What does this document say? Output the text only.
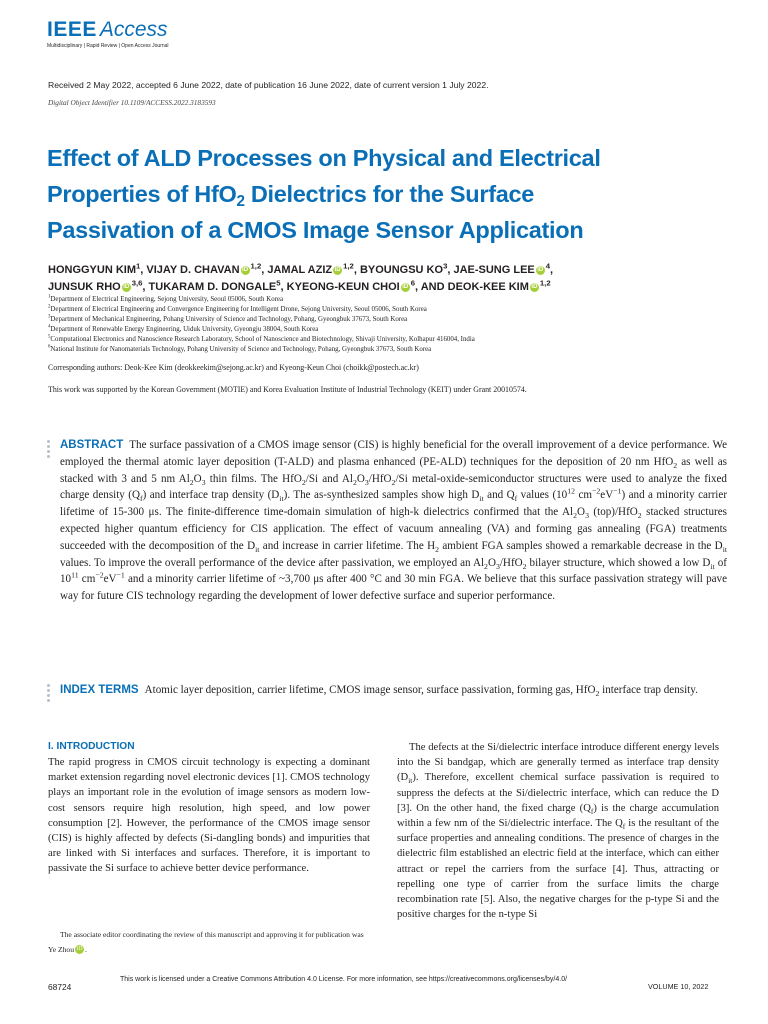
IEEE Access
Multidisciplinary | Rapid Review | Open Access Journal
Received 2 May 2022, accepted 6 June 2022, date of publication 16 June 2022, date of current version 1 July 2022.
Digital Object Identifier 10.1109/ACCESS.2022.3183593
Effect of ALD Processes on Physical and Electrical
Properties of HfO$_2$ Dielectrics for the Surface
Passivation of a CMOS Image Sensor Application
HONGGYUN KIM$^1$, VIJAY D. CHAVAN iD $^{1,2}$, JAMAL AZIZ iD $^{1,2}$, BYOUNGSU $KO^3$, JAE-SUNG LEE iD $^4$,
JUNSUK RHO iD $^{3,6}$, TUKARAM D. DONGALE$^5$, KYEONG-KEUN CHOI iD $^6$, AND DEOK-KEE KIM iD $^{1,2}$
$^1$Department of Electrical Engineering, Sejong University, Seoul 05006, South Korea
$^2$Department of Electrical Engineering and Convergence Engineering for Intelligent Drone, Sejong University, Seoul 05006, South Korea
$^3$Department of Mechanical Engineering, Pohang University of Science and Technology, Pohang, Gyeongbuk 37673, South Korea
$^4$Department of Renewable Energy Engineering, Uiduk University, Gyeongju 38004, South Korea
$^5$Computational Electronics and Nanoscience Research Laboratory, School of Nanoscience and Biotechnology, Shivaji University, Kolhapur 416004, India
$^6$National Institute for Nanomaterials Technology, Pohang University of Science and Technology, Pohang, Gyeongbuk 37673, South Korea
Corresponding authors: Deok-Kee Kim (deokkeekim@sejong.ac.kr) and Kyeong-Keun Choi (choikk@postech.ac.kr)
This work was supported by the Korean Government (MOTIE) and Korea Evaluation Institute of Industrial Technology (KEIT) under Grant 20010574.
ABSTRACT The surface passivation of a CMOS image sensor (CIS) is highly beneficial for the overall improvement of a device performance. We employed the thermal atomic layer deposition (T-ALD) and plasma enhanced (PE-ALD) techniques for the deposition of 20 nm HfO$_2$ as well as stacked with 3 and 5 nm $Al_2O_3$ thin films. The HfO$_2$/Si and $Al_2O_3/HfO_2/Si$ metal-oxide-semiconductor structures were used to analyze the fixed charge density $(Q_f)$ and interface trap density $(D_{it})$. The as-synthesized samples show high $D_{it}$ and $Q_f$ values ($10^{12}$ $cm^{-2}eV^{-1}$) and a minority carrier lifetime of 15-300 μs. The finite-difference time-domain simulation of high-k dielectrics confirmed that the $Al_2O_3$ (top)/HfO$_2$ stacked structures expected higher quantum efficiency for CIS application. The effect of vacuum annealing (VA) and forming gas annealing (FGA) treatments succeeded with the decomposition of the $D_{it}$ and increase in carrier lifetime. The $H_2$ ambient FGA samples showed a remarkable decrease in the $D_{it}$ values. To improve the overall performance of the device after passivation, we employed an $Al_2O_3/HfO_2$ bilayer structure, which showed a low $D_{it}$ of $10^{11}$ $cm^{-2}eV^{-1}$ and a minority carrier lifetime of ~3,700 μs after 400 °C and 30 min FGA. We believe that this surface passivation strategy will pave way for future CIS technology regarding the development of lower defective surface and superior performance.
INDEX TERMS Atomic layer deposition, carrier lifetime, CMOS image sensor, surface passivation, forming gas, HfO$_2$ interface trap density.
I. INTRODUCTION
The rapid progress in CMOS circuit technology is expecting a dominant market extension regarding novel electronic devices [1]. CMOS technology plays an important role in the evolution of image sensors as modern low-cost sensors require high resolution, high speed, and low power consumption [2]. However, the performance of the CMOS image sensor (CIS) is highly affected by defects (Si-dangling bonds) and impurities that are linked with Si interfaces and surfaces. Therefore, it is important to passivate the Si surface to achieve better device performance.
The defects at the Si/dielectric interface introduce different energy levels into the Si bandgap, which are generally termed as interface trap density $(D_{it})$. Therefore, excellent chemical surface passivation is required to suppress the defects at the Si/dielectric interface, which can reduce the D [3]. On the other hand, the fixed charge $(Q_f)$ is the charge accumulation within a few nm of the Si/dielectric interface. The $Q_f$ is the resultant of the surface properties and annealing conditions. The presence of charges in the dielectric film established an electric field at the interface, which can either attract or repel the carriers from the surface [4]. Thus, attracting or repelling one type of carrier from the surface limits the charge recombination rate [5]. Also, the negative charges for the p-type Si and the positive charges for the n-type Si
The associate editor coordinating the review of this manuscript and approving it for publication was Ye Zhou iD .
68724
This work is licensed under a Creative Commons Attribution 4.0 License. For more information, see https://creativecommons.org/licenses/by/4.0/
VOLUME 10, 2022
